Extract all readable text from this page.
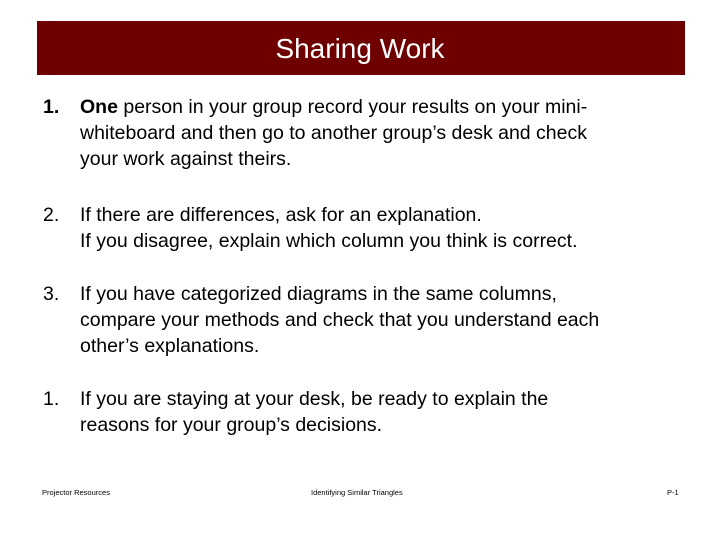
Sharing Work
1.	One person in your group record your results on your mini-
whiteboard and then go to another group’s desk and check
your work against theirs.
2.	If there are differences, ask for an explanation.
If you disagree, explain which column you think is correct.
3.	If you have categorized diagrams in the same columns,
compare your methods and check that you understand each
other’s explanations.
1.	If you are staying at your desk, be ready to explain the
reasons for your group’s decisions.
Projector Resources	Identifying Similar Triangles	P-1
